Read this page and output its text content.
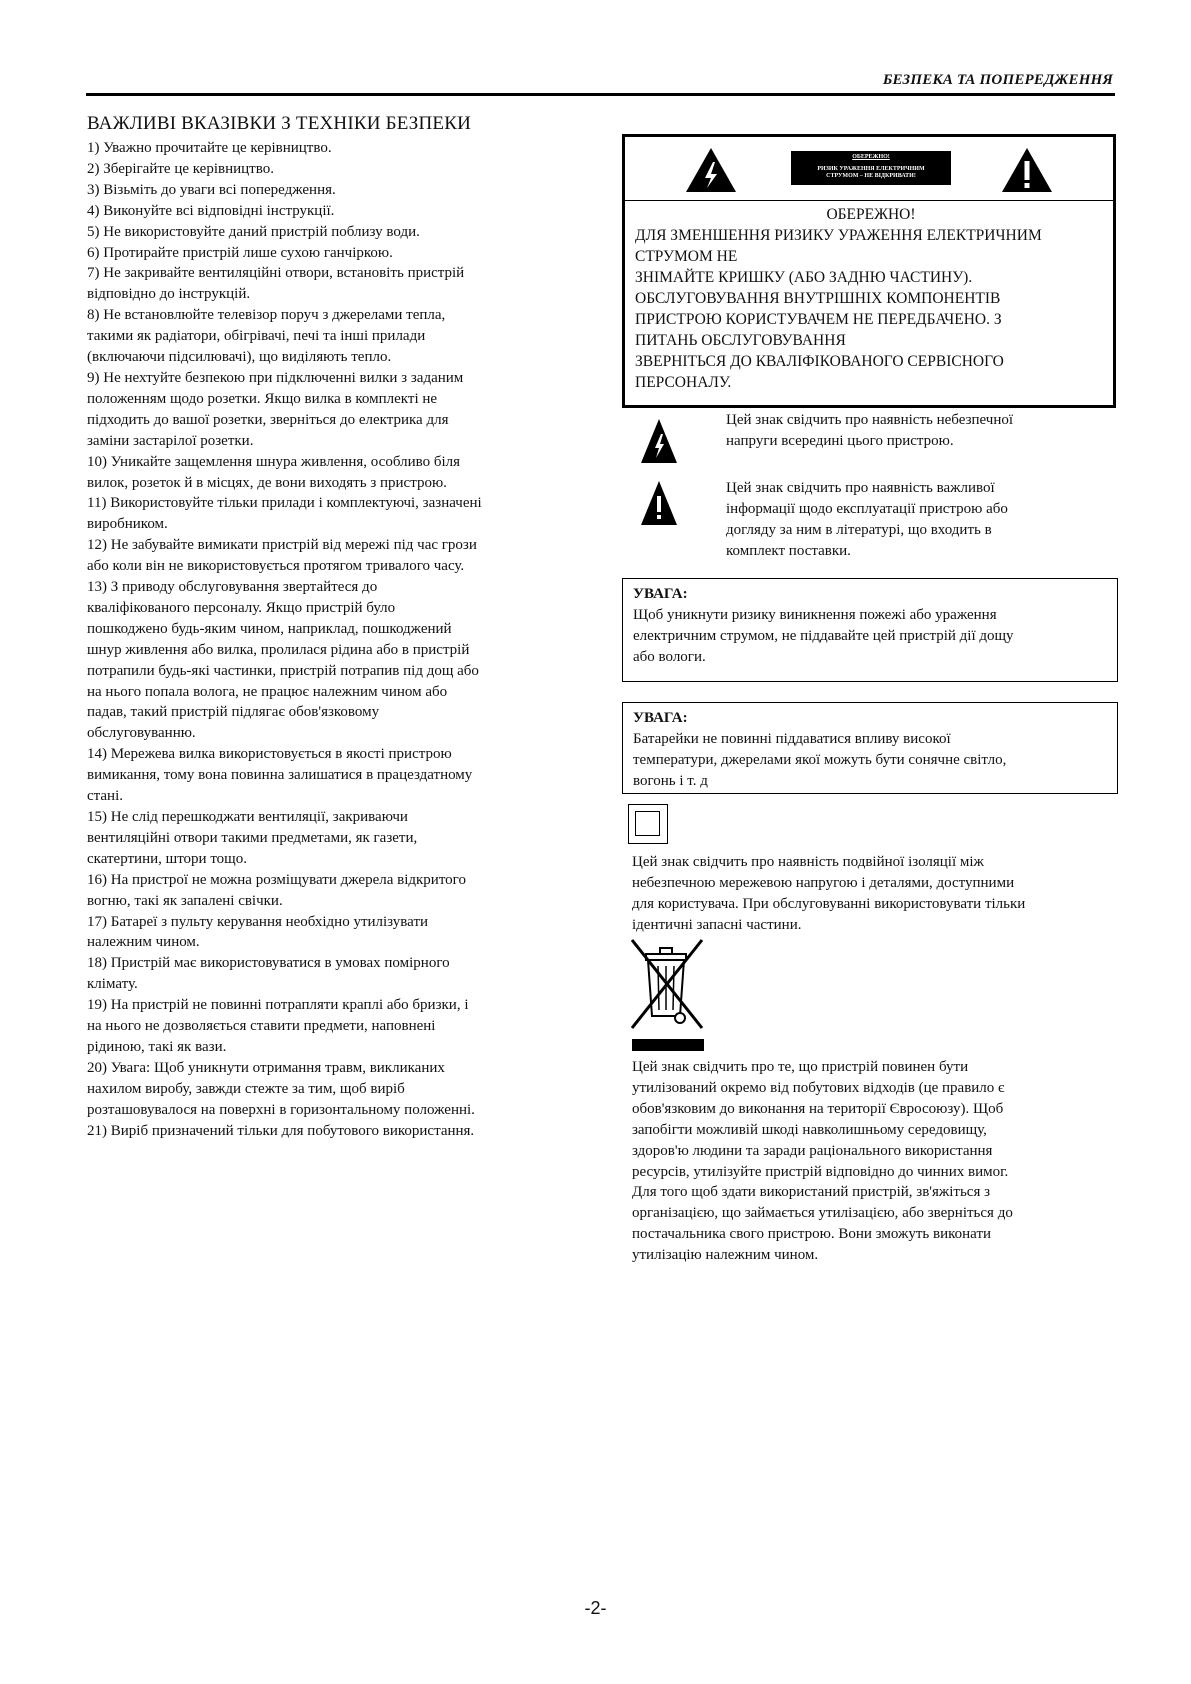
БЕЗПЕКА ТА ПОПЕРЕДЖЕННЯ
ВАЖЛИВІ ВКАЗІВКИ З ТЕХНІКИ БЕЗПЕКИ
1) Уважно прочитайте це керівництво.
2) Зберігайте це керівництво.
3) Візьміть до уваги всі попередження.
4) Виконуйте всі відповідні інструкції.
5) Не використовуйте даний пристрій поблизу води.
6) Протирайте пристрій лише сухою ганчіркою.
7) Не закривайте вентиляційні отвори, встановіть пристрій
відповідно до інструкцій.
8) Не встановлюйте телевізор поруч з джерелами тепла,
такими як радіатори, обігрівачі, печі та інші прилади
(включаючи підсилювачі), що виділяють тепло.
9) Не нехтуйте безпекою при підключенні вилки з заданим
положенням щодо розетки. Якщо вилка в комплекті не
підходить до вашої розетки, зверніться до електрика для
заміни застарілої розетки.
10) Уникайте защемлення шнура живлення, особливо біля
вилок, розеток й в місцях, де вони виходять з пристрою.
11) Використовуйте тільки прилади і комплектуючі, зазначені
виробником.
12) Не забувайте вимикати пристрій від мережі під час грози
або коли він не використовується протягом тривалого часу.
13) З приводу обслуговування звертайтеся до
кваліфікованого персоналу. Якщо пристрій було
пошкоджено будь-яким чином, наприклад, пошкоджений
шнур живлення або вилка, пролилася рідина або в пристрій
потрапили будь-які частинки, пристрій потрапив під дощ або
на нього попала волога, не працює належним чином або
падав, такий пристрій підлягає обов'язковому
обслуговуванню.
14) Мережева вилка використовується в якості пристрою
вимикання, тому вона повинна залишатися в працездатному
стані.
15) Не слід перешкоджати вентиляції, закриваючи
вентиляційні отвори такими предметами, як газети,
скатертини, штори тощо.
16) На пристрої не можна розміщувати джерела відкритого
вогню, такі як запалені свічки.
17) Батареї з пульту керування необхідно утилізувати
належним чином.
18) Пристрій має використовуватися в умовах помірного
клімату.
19) На пристрій не повинні потрапляти краплі або бризки, і
на нього не дозволяється ставити предмети, наповнені
рідиною, такі як вази.
20) Увага: Щоб уникнути отримання травм, викликаних
нахилом виробу, завжди стежте за тим, щоб виріб
розташовувалося на поверхні в горизонтальному положенні.
21) Виріб призначений тільки для побутового використання.
ОБЕРЕЖНО!
РИЗИК УРАЖЕННЯ ЕЛЕКТРИЧНИМ
СТРУМОМ – НЕ ВІДКРИВАТИ!
ОБЕРЕЖНО!
ДЛЯ ЗМЕНШЕННЯ РИЗИКУ УРАЖЕННЯ ЕЛЕКТРИЧНИМ
СТРУМОМ НЕ
ЗНІМАЙТЕ КРИШКУ (АБО ЗАДНЮ ЧАСТИНУ).
ОБСЛУГОВУВАННЯ ВНУТРІШНІХ КОМПОНЕНТІВ
ПРИСТРОЮ КОРИСТУВАЧЕМ НЕ ПЕРЕДБАЧЕНО. З
ПИТАНЬ ОБСЛУГОВУВАННЯ
ЗВЕРНІТЬСЯ ДО КВАЛІФІКОВАНОГО СЕРВІСНОГО
ПЕРСОНАЛУ.
Цей знак свідчить про наявність небезпечної
напруги всередині цього пристрою.
Цей знак свідчить про наявність важливої
інформації щодо експлуатації пристрою або
догляду за ним в літературі, що входить в
комплект поставки.
УВАГА:
Щоб уникнути ризику виникнення пожежі або ураження
електричним струмом, не піддавайте цей пристрій дії дощу
або вологи.
УВАГА:
Батарейки не повинні піддаватися впливу високої
температури, джерелами якої можуть бути сонячне світло,
вогонь і т. д
Цей знак свідчить про наявність подвійної ізоляції між
небезпечною мережевою напругою і деталями, доступними
для користувача. При обслуговуванні використовувати тільки
ідентичні запасні частини.
Цей знак свідчить про те, що пристрій повинен бути
утилізований окремо від побутових відходів (це правило є
обов'язковим до виконання на території Євросоюзу). Щоб
запобігти можливій шкоді навколишньому середовищу,
здоров'ю людини та заради раціонального використання
ресурсів, утилізуйте пристрій відповідно до чинних вимог.
Для того щоб здати використаний пристрій, зв'яжіться з
організацією, що займається утилізацією, або зверніться до
постачальника свого пристрою. Вони зможуть виконати
утилізацію належним чином.
-2-
